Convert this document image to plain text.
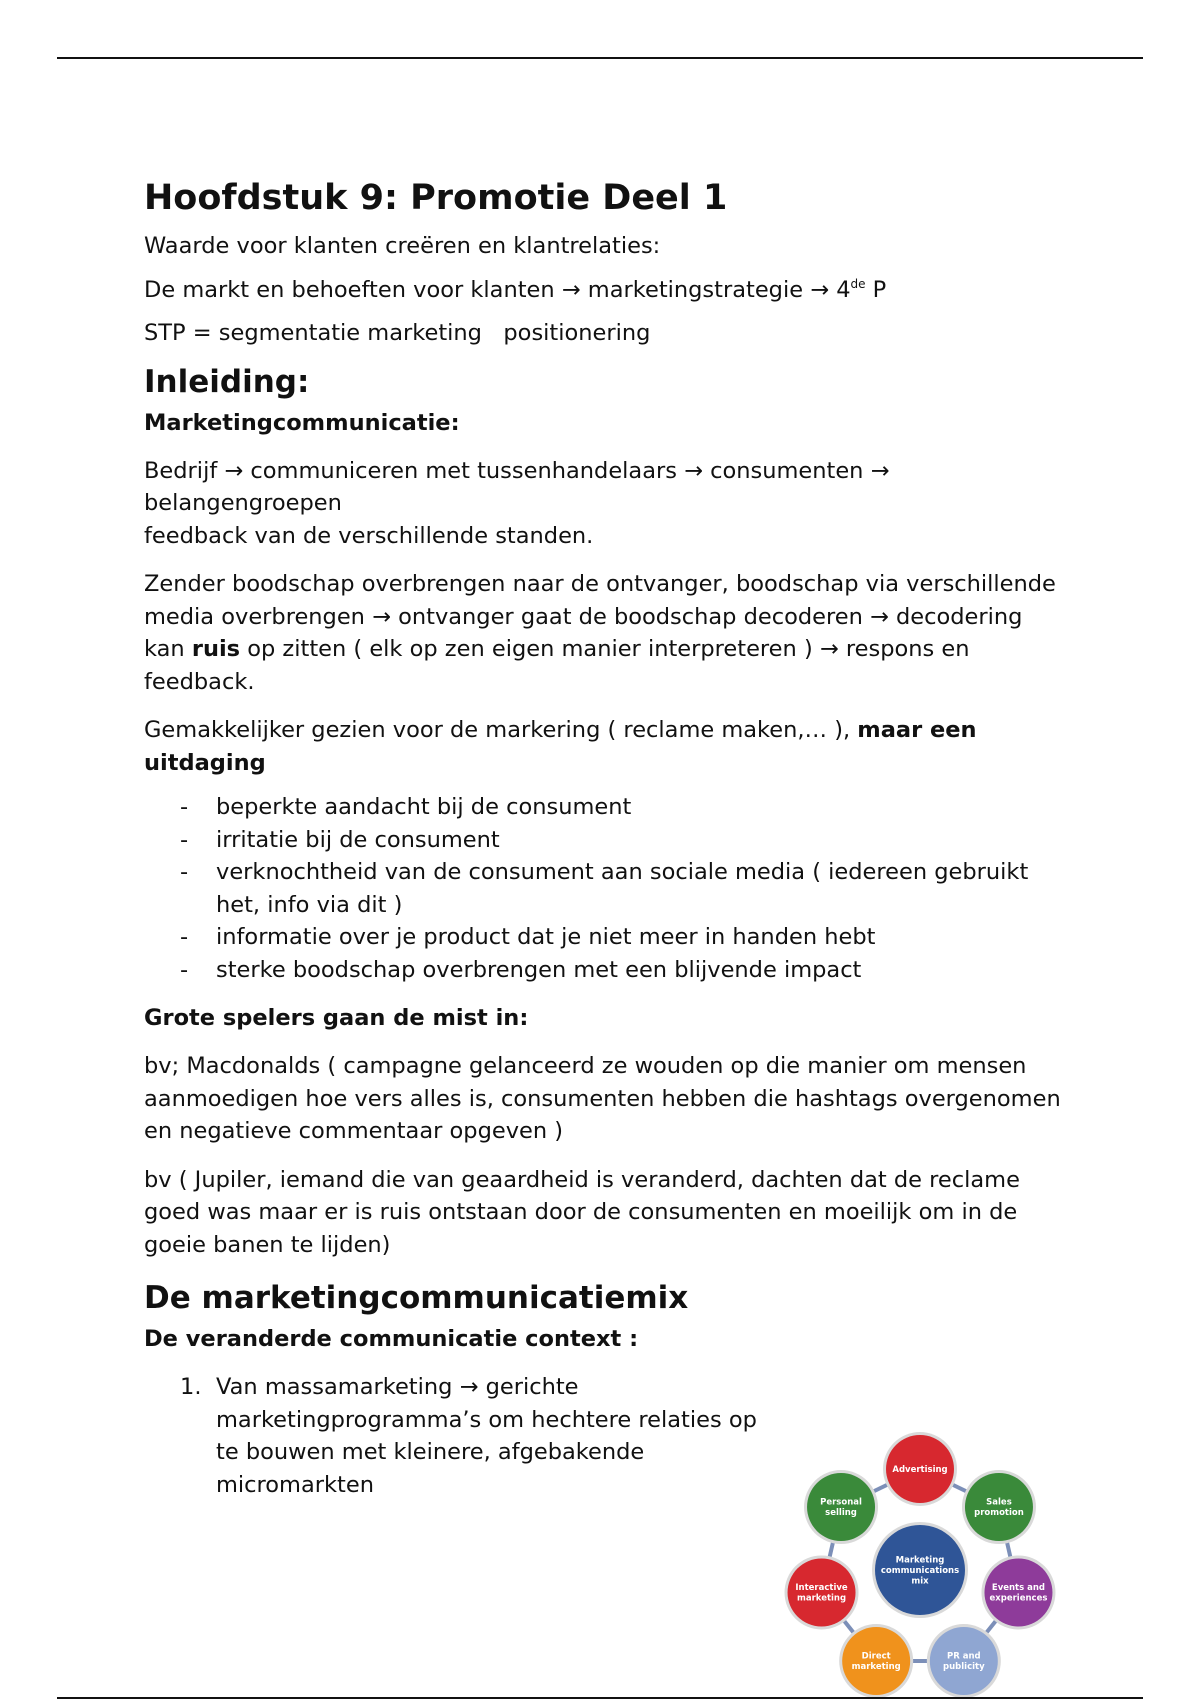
Hoofdstuk 9: Promotie Deel 1

Waarde voor klanten creëren en klantrelaties:

De markt en behoeften voor klanten → marketingstrategie → 4de P

STP = segmentatie marketing   positionering

Inleiding:
Marketingcommunicatie:

Bedrijf → communiceren met tussenhandelaars → consumenten → belangengroepen
feedback van de verschillende standen.

Zender boodschap overbrengen naar de ontvanger, boodschap via verschillende media overbrengen → ontvanger gaat de boodschap decoderen → decodering kan ruis op zitten ( elk op zen eigen manier interpreteren ) → respons en feedback.

Gemakkelijker gezien voor de markering ( reclame maken,… ), maar een uitdaging

- beperkte aandacht bij de consument
- irritatie bij de consument
- verknochtheid van de consument aan sociale media ( iedereen gebruikt het, info via dit )
- informatie over je product dat je niet meer in handen hebt
- sterke boodschap overbrengen met een blijvende impact
Grote spelers gaan de mist in:

bv; Macdonalds ( campagne gelanceerd ze wouden op die manier om mensen aanmoedigen hoe vers alles is, consumenten hebben die hashtags overgenomen en negatieve commentaar opgeven )

bv ( Jupiler, iemand die van geaardheid is veranderd, dachten dat de reclame goed was maar er is ruis ontstaan door de consumenten en moeilijk om in de goeie banen te lijden)

De marketingcommunicatiemix
De veranderde communicatie context :
1. Van massamarketing → gerichte marketingprogramma’s om hechtere relaties op te bouwen met kleinere, afgebakende micromarkten
Advertising
Sales
promotion
Events and
experiences
PR and
publicity
Direct
marketing
Interactive
marketing
Personal
selling
Marketing
communications
mix
